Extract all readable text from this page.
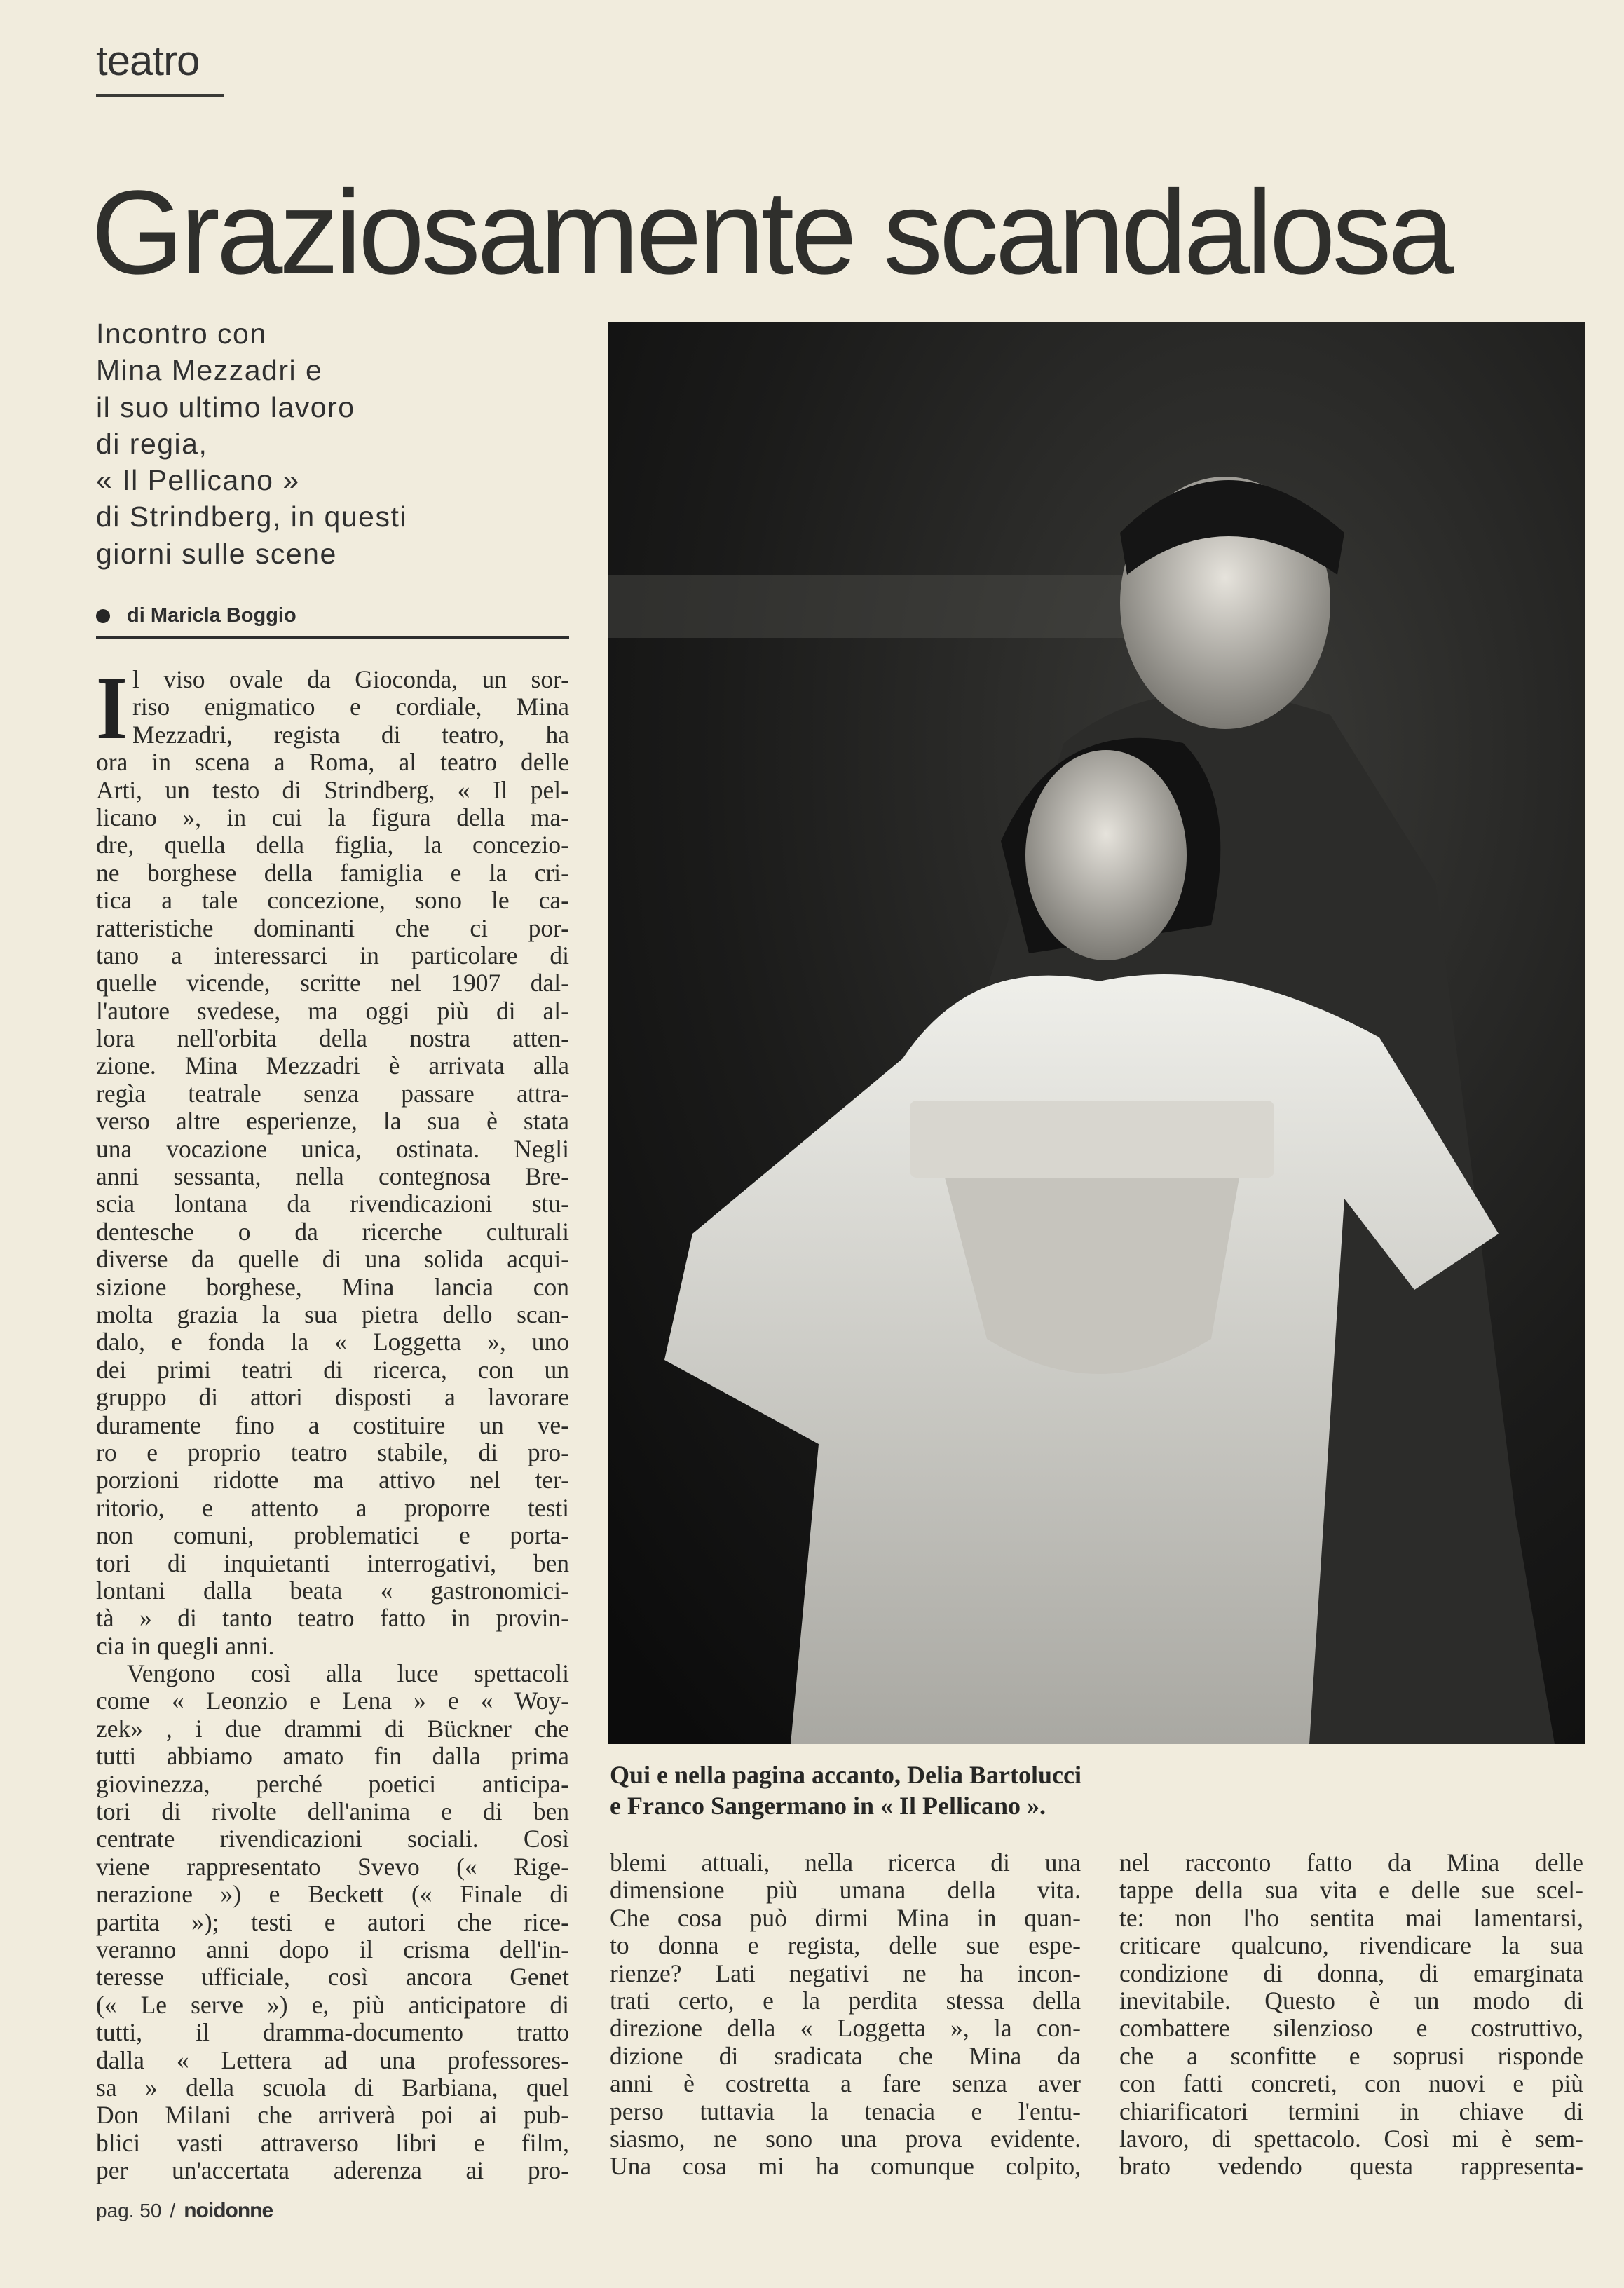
teatro
Graziosamente scandalosa
Incontro con
Mina Mezzadri e
il suo ultimo lavoro
di regia,
« Il Pellicano »
di Strindberg, in questi
giorni sulle scene
di Maricla Boggio
I l viso ovale da Gioconda, un sor-
riso enigmatico e cordiale, Mina
Mezzadri, regista di teatro, ha
ora in scena a Roma, al teatro delle
Arti, un testo di Strindberg, « Il pel-
licano », in cui la figura della ma-
dre, quella della figlia, la concezio-
ne borghese della famiglia e la cri-
tica a tale concezione, sono le ca-
ratteristiche dominanti che ci por-
tano a interessarci in particolare di
quelle vicende, scritte nel 1907 dal-
l'autore svedese, ma oggi più di al-
lora nell'orbita della nostra atten-
zione. Mina Mezzadri è arrivata alla
regìa teatrale senza passare attra-
verso altre esperienze, la sua è stata
una vocazione unica, ostinata. Negli
anni sessanta, nella contegnosa Bre-
scia lontana da rivendicazioni stu-
dentesche o da ricerche culturali
diverse da quelle di una solida acqui-
sizione borghese, Mina lancia con
molta grazia la sua pietra dello scan-
dalo, e fonda la « Loggetta », uno
dei primi teatri di ricerca, con un
gruppo di attori disposti a lavorare
duramente fino a costituire un ve-
ro e proprio teatro stabile, di pro-
porzioni ridotte ma attivo nel ter-
ritorio, e attento a proporre testi
non comuni, problematici e porta-
tori di inquietanti interrogativi, ben
lontani dalla beata « gastronomici-
tà » di tanto teatro fatto in provin-
cia in quegli anni.
Vengono così alla luce spettacoli
come « Leonzio e Lena » e « Woy-
zek» , i due drammi di Bückner che
tutti abbiamo amato fin dalla prima
giovinezza, perché poetici anticipa-
tori di rivolte dell'anima e di ben
centrate rivendicazioni sociali. Così
viene rappresentato Svevo (« Rige-
nerazione ») e Beckett (« Finale di
partita »); testi e autori che rice-
veranno anni dopo il crisma dell'in-
teresse ufficiale, così ancora Genet
(« Le serve ») e, più anticipatore di
tutti, il dramma-documento tratto
dalla « Lettera ad una professores-
sa » della scuola di Barbiana, quel
Don Milani che arriverà poi ai pub-
blici vasti attraverso libri e film,
per un'accertata aderenza ai pro-
blemi attuali, nella ricerca di una
dimensione più umana della vita.
Che cosa può dirmi Mina in quan-
to donna e regista, delle sue espe-
rienze? Lati negativi ne ha incon-
trati certo, e la perdita stessa della
direzione della « Loggetta », la con-
dizione di sradicata che Mina da
anni è costretta a fare senza aver
perso tuttavia la tenacia e l'entu-
siasmo, ne sono una prova evidente.
Una cosa mi ha comunque colpito,
nel racconto fatto da Mina delle
tappe della sua vita e delle sue scel-
te: non l'ho sentita mai lamentarsi,
criticare qualcuno, rivendicare la sua
condizione di donna, di emarginata
inevitabile. Questo è un modo di
combattere silenzioso e costruttivo,
che a sconfitte e soprusi risponde
con fatti concreti, con nuovi e più
chiarificatori termini in chiave di
lavoro, di spettacolo. Così mi è sem-
brato vedendo questa rappresenta-
Qui e nella pagina accanto, Delia Bartolucci
e Franco Sangermano in « Il Pellicano ».
pag. 50 / noidonne
